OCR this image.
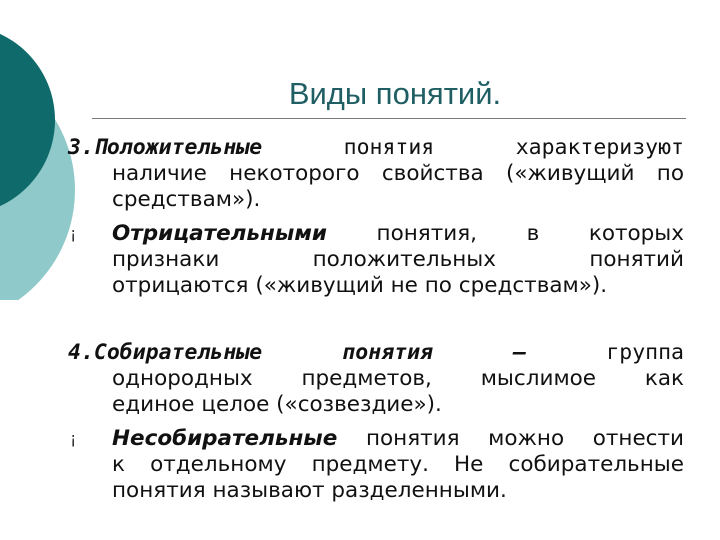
Виды понятий.
3.Положительные понятия характеризуют
наличие некоторого свойства («живущий по
средствам»).
¡	Отрицательными понятия, в которых
признаки положительных понятий
отрицаются («живущий не по средствам»).
4.Собирательные понятия – группа
однородных предметов, мыслимое как
единое целое («созвездие»).
¡	Несобирательные понятия можно отнести
к отдельному предмету. Не собирательные
понятия называют разделенными.
